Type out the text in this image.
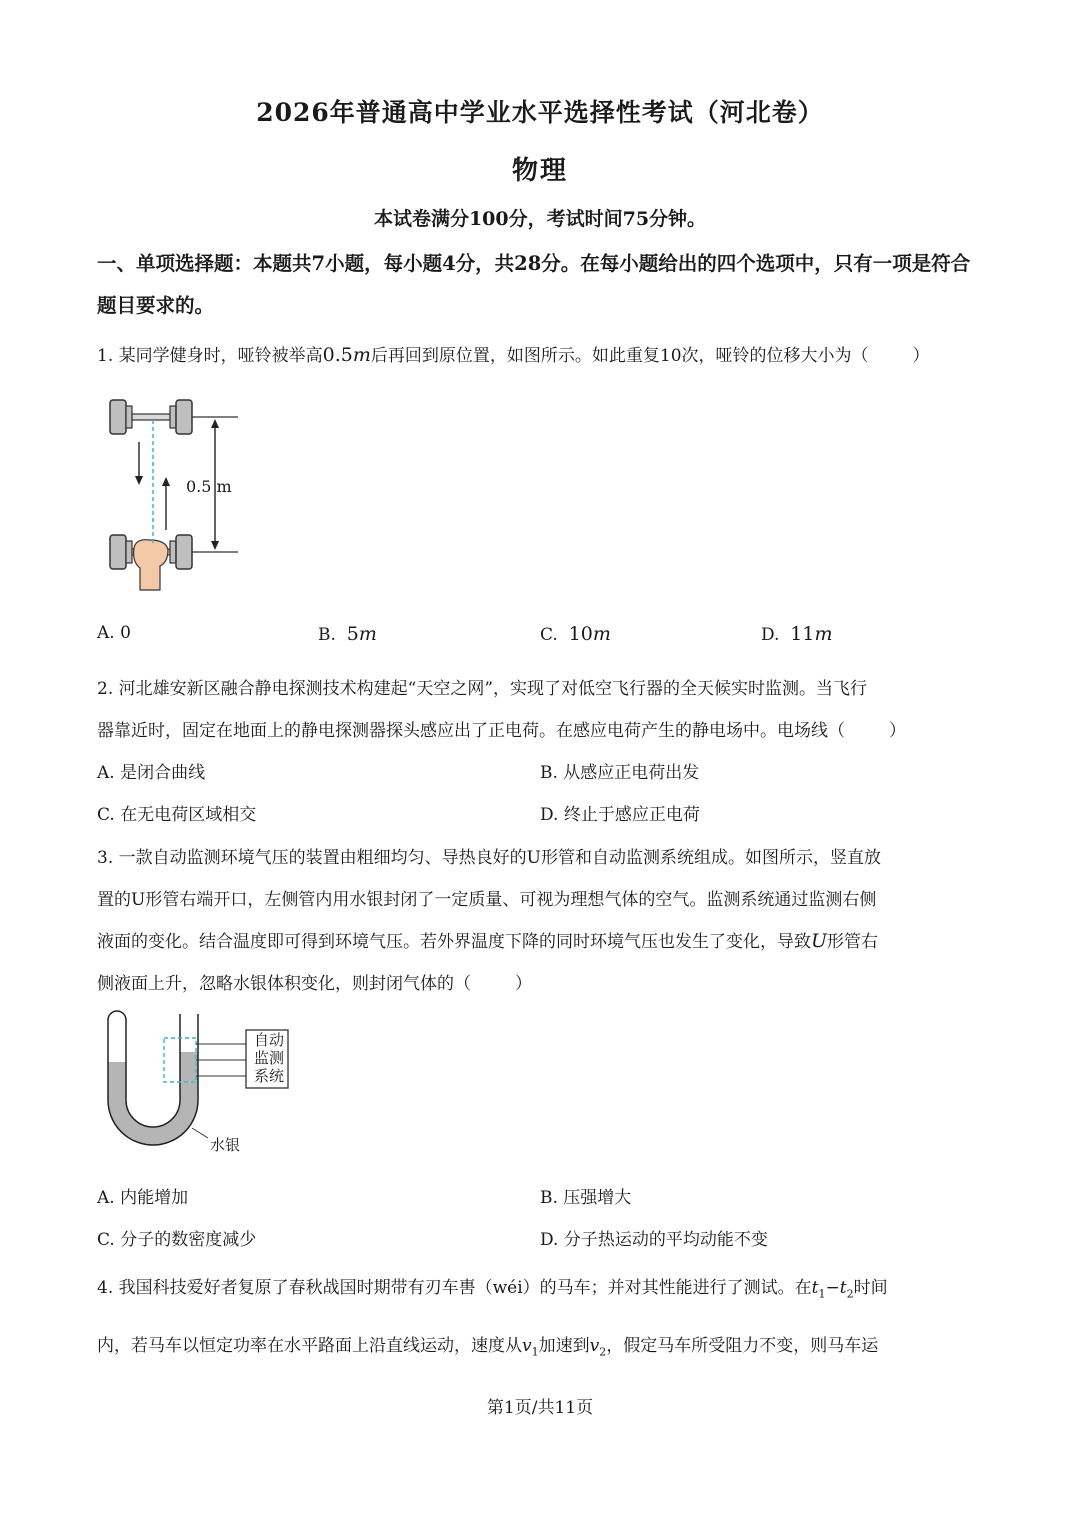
2026年普通高中学业水平选择性考试（河北卷）
物理
本试卷满分100分，考试时间75分钟。
一、单项选择题：本题共7小题，每小题4分，共28分。在每小题给出的四个选项中，只有一项是符合题目要求的。
1. 某同学健身时，哑铃被举高0.5m后再回到原位置，如图所示。如此重复10次，哑铃的位移大小为（	）
0.5 m
A. 0	B. 5m	C. 10m	D. 11m
2. 河北雄安新区融合静电探测技术构建起“天空之网”，实现了对低空飞行器的全天候实时监测。当飞行
器靠近时，固定在地面上的静电探测器探头感应出了正电荷。在感应电荷产生的静电场中。电场线（	）
A. 是闭合曲线	B. 从感应正电荷出发
C. 在无电荷区域相交	D. 终止于感应正电荷
3. 一款自动监测环境气压的装置由粗细均匀、导热良好的U形管和自动监测系统组成。如图所示，竖直放
置的U形管右端开口，左侧管内用水银封闭了一定质量、可视为理想气体的空气。监测系统通过监测右侧
液面的变化。结合温度即可得到环境气压。若外界温度下降的同时环境气压也发生了变化，导致U形管右
侧液面上升，忽略水银体积变化，则封闭气体的（	）
自动
监测
系统
水银
A. 内能增加	B. 压强增大
C. 分子的数密度减少	D. 分子热运动的平均动能不变
4. 我国科技爱好者复原了春秋战国时期带有刃车軎（wéi）的马车；并对其性能进行了测试。在$t_1-t_2$时间
内，若马车以恒定功率在水平路面上沿直线运动，速度从$v_1$加速到$v_2$，假定马车所受阻力不变，则马车运
第1页/共11页
